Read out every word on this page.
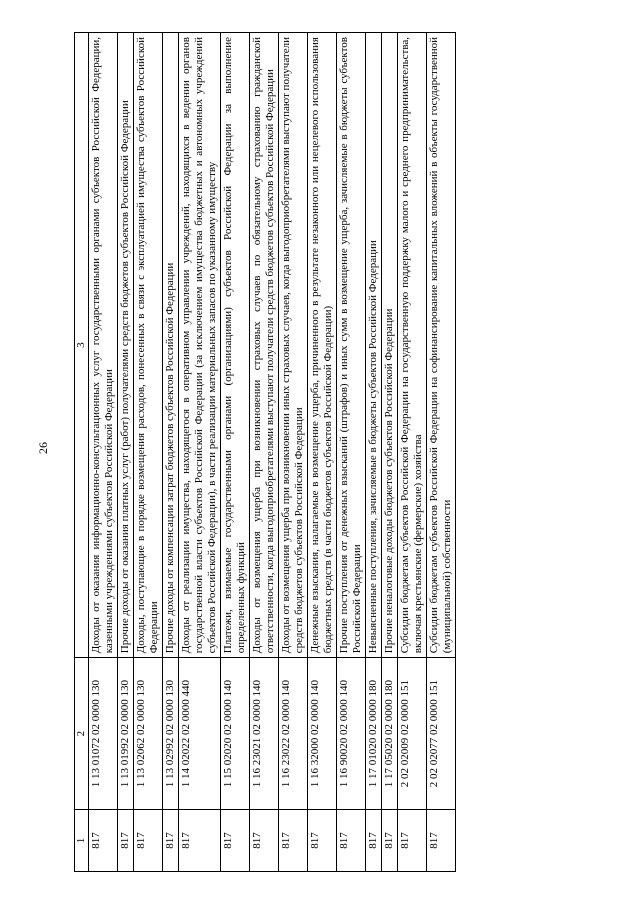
26
1	2	3
817	1 13 01072 02 0000 130	Доходы от оказания информационно-консультационных услуг государственными органами субъектов Российской Федерации, казенными учреждениями субъектов Российской Федерации
817	1 13 01992 02 0000 130	Прочие доходы от оказания платных услуг (работ) получателями средств бюджетов субъектов Российской Федерации
817	1 13 02062 02 0000 130	Доходы, поступающие в порядке возмещения расходов, понесенных в связи с эксплуатацией имущества субъектов Российской Федерации
817	1 13 02992 02 0000 130	Прочие доходы от компенсации затрат бюджетов субъектов Российской Федерации
817	1 14 02022 02 0000 440	Доходы от реализации имущества, находящегося в оперативном управлении учреждений, находящихся в ведении органов государственной власти субъектов Российской Федерации (за исключением имущества бюджетных и автономных учреждений субъектов Российской Федерации), в части реализации материальных запасов по указанному имуществу
817	1 15 02020 02 0000 140	Платежи, взимаемые государственными органами (организациями) субъектов Российской Федерации за выполнение определенных функций
817	1 16 23021 02 0000 140	Доходы от возмещения ущерба при возникновении страховых случаев по обязательному страхованию гражданской ответственности, когда выгодоприобретателями выступают получатели средств бюджетов субъектов Российской Федерации
817	1 16 23022 02 0000 140	Доходы от возмещения ущерба при возникновении иных страховых случаев, когда выгодоприобретателями выступают получатели средств бюджетов субъектов Российской Федерации
817	1 16 32000 02 0000 140	Денежные взыскания, налагаемые в возмещение ущерба, причиненного в результате незаконного или нецелевого использования бюджетных средств (в части бюджетов субъектов Российской Федерации)
817	1 16 90020 02 0000 140	Прочие поступления от денежных взысканий (штрафов) и иных сумм в возмещение ущерба, зачисляемые в бюджеты субъектов Российской Федерации
817	1 17 01020 02 0000 180	Невыясненные поступления, зачисляемые в бюджеты субъектов Российской Федерации
817	1 17 05020 02 0000 180	Прочие неналоговые доходы бюджетов субъектов Российской Федерации
817	2 02 02009 02 0000 151	Субсидии бюджетам субъектов Российской Федерации на государственную поддержку малого и среднего предпринимательства, включая крестьянские (фермерские) хозяйства
817	2 02 02077 02 0000 151	Субсидии бюджетам субъектов Российской Федерации на софинансирование капитальных вложений в объекты государственной (муниципальной) собственности
